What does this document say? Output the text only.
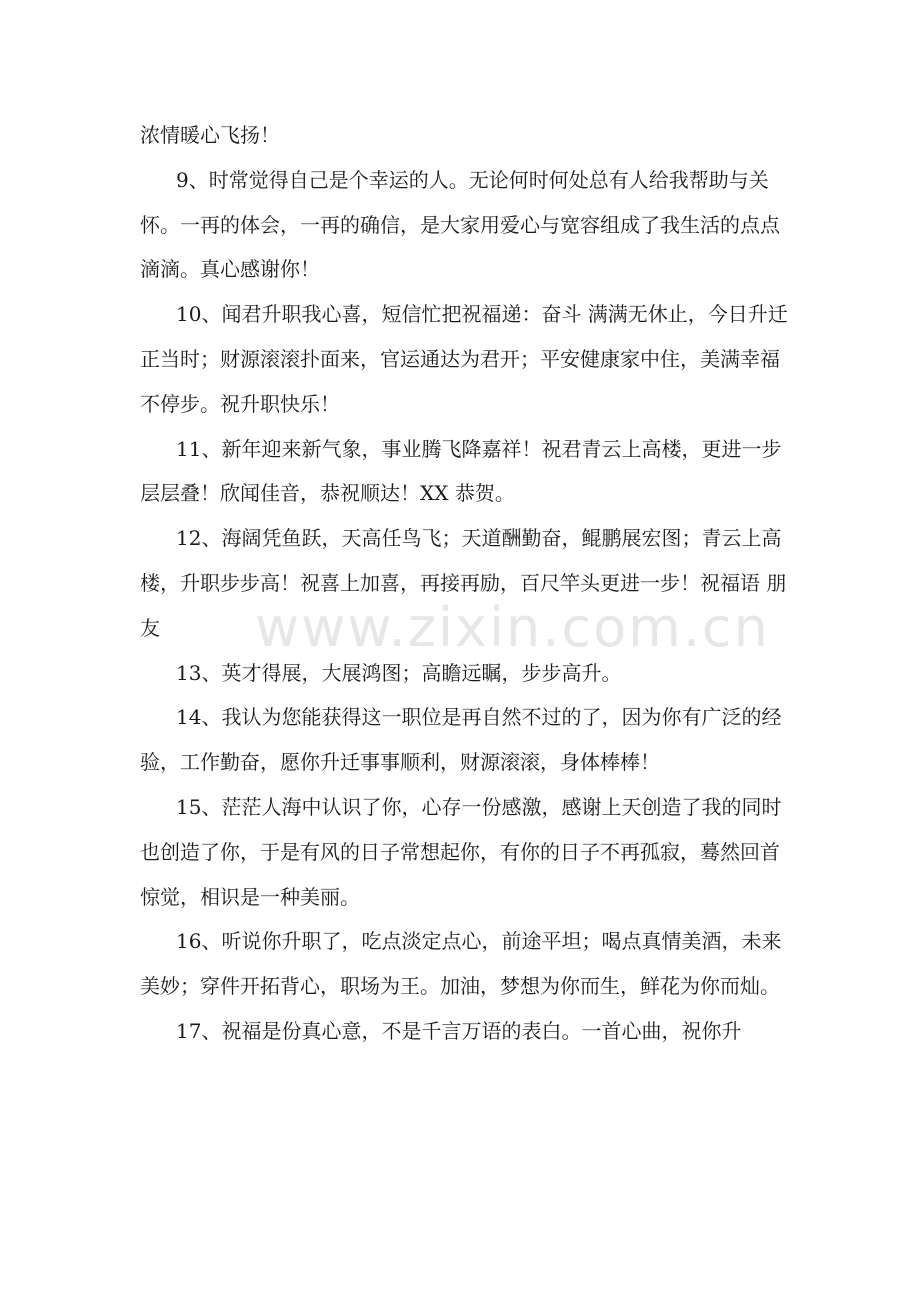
浓情暖心飞扬！

9、时常觉得自己是个幸运的人。无论何时何处总有人给我帮助与关怀。一再的体会，一再的确信，是大家用爱心与宽容组成了我生活的点点滴滴。真心感谢你！

10、闻君升职我心喜，短信忙把祝福递：奋斗 满满无休止，今日升迁正当时；财源滚滚扑面来，官运通达为君开；平安健康家中住，美满幸福不停步。祝升职快乐！

11、新年迎来新气象，事业腾飞降嘉祥！祝君青云上高楼，更进一步层层叠！欣闻佳音，恭祝顺达！XX 恭贺。

12、海阔凭鱼跃，天高任鸟飞；天道酬勤奋，鲲鹏展宏图；青云上高楼，升职步步高！祝喜上加喜，再接再励，百尺竿头更进一步！祝福语 朋友

13、英才得展，大展鸿图；高瞻远瞩，步步高升。

14、我认为您能获得这一职位是再自然不过的了，因为你有广泛的经验，工作勤奋，愿你升迁事事顺利，财源滚滚，身体棒棒！

15、茫茫人海中认识了你，心存一份感激，感谢上天创造了我的同时也创造了你，于是有风的日子常想起你，有你的日子不再孤寂，蓦然回首惊觉，相识是一种美丽。

16、听说你升职了，吃点淡定点心，前途平坦；喝点真情美酒，未来美妙；穿件开拓背心，职场为王。加油，梦想为你而生，鲜花为你而灿。

17、祝福是份真心意，不是千言万语的表白。一首心曲，祝你升

www.zixin.com.cn
